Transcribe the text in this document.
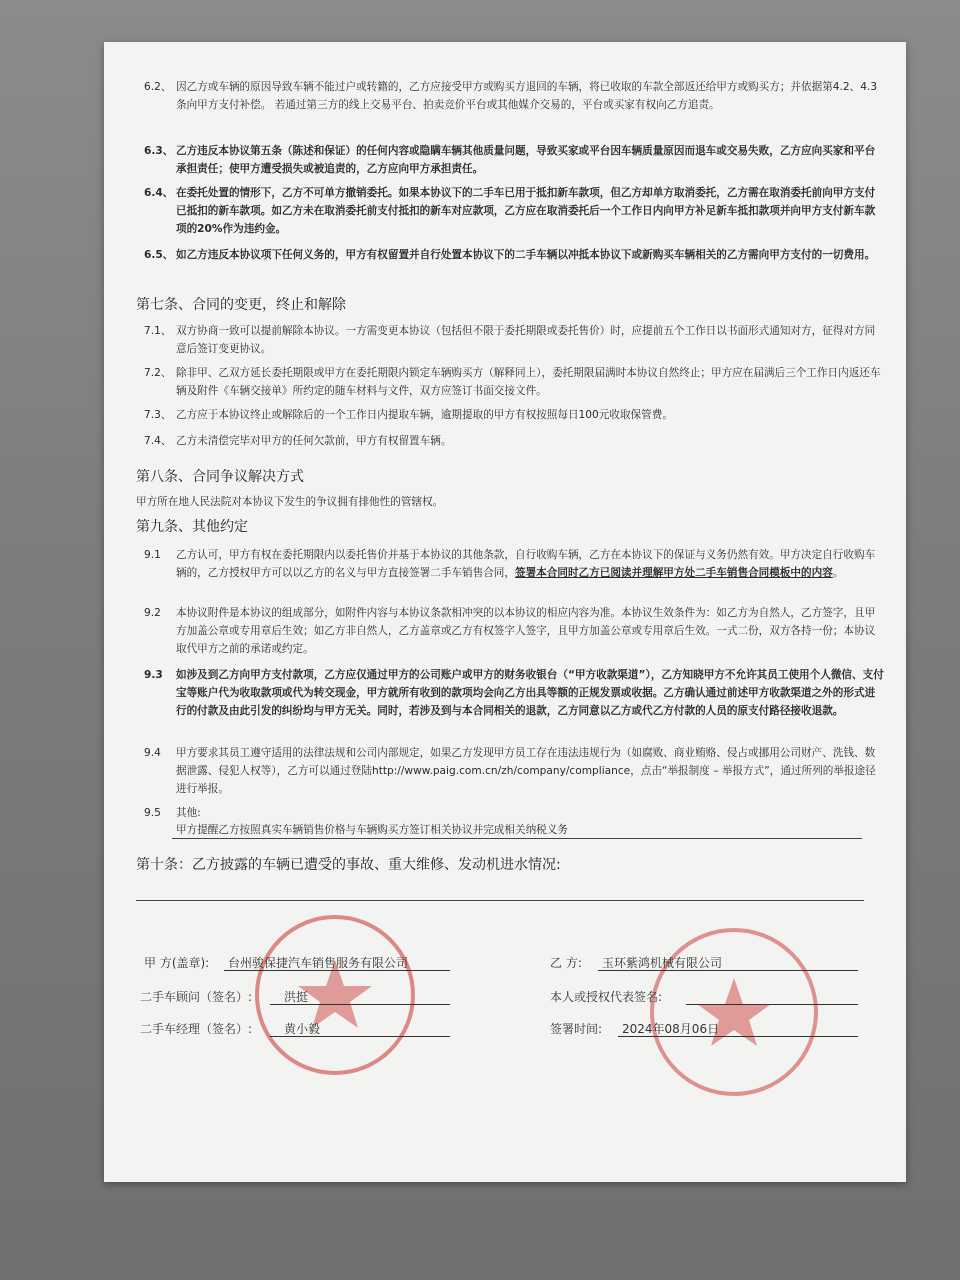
6.2、 因乙方或车辆的原因导致车辆不能过户或转籍的，乙方应接受甲方或购买方退回的车辆，将已收取的车款全部返还给甲方或购买方；并依据第4.2、4.3条向甲方支付补偿。 若通过第三方的线上交易平台、拍卖竞价平台或其他媒介交易的，平台或买家有权向乙方追责。
6.3、 乙方违反本协议第五条（陈述和保证）的任何内容或隐瞒车辆其他质量问题，导致买家或平台因车辆质量原因而退车或交易失败，乙方应向买家和平台承担责任；使甲方遭受损失或被追责的，乙方应向甲方承担责任。
6.4、 在委托处置的情形下，乙方不可单方撤销委托。如果本协议下的二手车已用于抵扣新车款项，但乙方却单方取消委托，乙方需在取消委托前向甲方支付已抵扣的新车款项。如乙方未在取消委托前支付抵扣的新车对应款项，乙方应在取消委托后一个工作日内向甲方补足新车抵扣款项并向甲方支付新车款项的20%作为违约金。
6.5、 如乙方违反本协议项下任何义务的，甲方有权留置并自行处置本协议下的二手车辆以冲抵本协议下或新购买车辆相关的乙方需向甲方支付的一切费用。
第七条、合同的变更，终止和解除
7.1、 双方协商一致可以提前解除本协议。一方需变更本协议（包括但不限于委托期限或委托售价）时，应提前五个工作日以书面形式通知对方，征得对方同意后签订变更协议。
7.2、 除非甲、乙双方延长委托期限或甲方在委托期限内锁定车辆购买方（解释同上），委托期限届满时本协议自然终止；甲方应在届满后三个工作日内返还车辆及附件《车辆交接单》所约定的随车材料与文件，双方应签订书面交接文件。
7.3、 乙方应于本协议终止或解除后的一个工作日内提取车辆，逾期提取的甲方有权按照每日100元收取保管费。
7.4、 乙方未清偿完毕对甲方的任何欠款前，甲方有权留置车辆。
第八条、合同争议解决方式
甲方所在地人民法院对本协议下发生的争议拥有排他性的管辖权。
第九条、其他约定
9.1	乙方认可，甲方有权在委托期限内以委托售价并基于本协议的其他条款，自行收购车辆，乙方在本协议下的保证与义务仍然有效。甲方决定自行收购车辆的，乙方授权甲方可以以乙方的名义与甲方直接签署二手车销售合同，签署本合同时乙方已阅读并理解甲方处二手车销售合同模板中的内容。
9.2	本协议附件是本协议的组成部分，如附件内容与本协议条款相冲突的以本协议的相应内容为准。本协议生效条件为：如乙方为自然人，乙方签字，且甲方加盖公章或专用章后生效；如乙方非自然人，乙方盖章或乙方有权签字人签字，且甲方加盖公章或专用章后生效。一式二份，双方各持一份；本协议取代甲方之前的承诺或约定。
9.3	如涉及到乙方向甲方支付款项，乙方应仅通过甲方的公司账户或甲方的财务收银台（“甲方收款渠道”），乙方知晓甲方不允许其员工使用个人微信、支付宝等账户代为收取款项或代为转交现金，甲方就所有收到的款项均会向乙方出具等额的正规发票或收据。乙方确认通过前述甲方收款渠道之外的形式进行的付款及由此引发的纠纷均与甲方无关。同时，若涉及到与本合同相关的退款，乙方同意以乙方或代乙方付款的人员的原支付路径接收退款。
9.4	甲方要求其员工遵守适用的法律法规和公司内部规定，如果乙方发现甲方员工存在违法违规行为（如腐败、商业贿赂、侵占或挪用公司财产、洗钱、数据泄露、侵犯人权等），乙方可以通过登陆http://www.paig.com.cn/zh/company/compliance，点击“举报制度 – 举报方式”，通过所列的举报途径进行举报。
9.5	其他:
甲方提醒乙方按照真实车辆销售价格与车辆购买方签订相关协议并完成相关纳税义务
第十条：乙方披露的车辆已遭受的事故、重大维修、发动机进水情况:
甲 方(盖章): 台州骏保捷汽车销售服务有限公司
二手车顾问（签名）:	洪挺
二手车经理（签名）:	黄小毅
乙 方: 玉环紫鸿机械有限公司
本人或授权代表签名:
签署时间: 2024年08月06日
